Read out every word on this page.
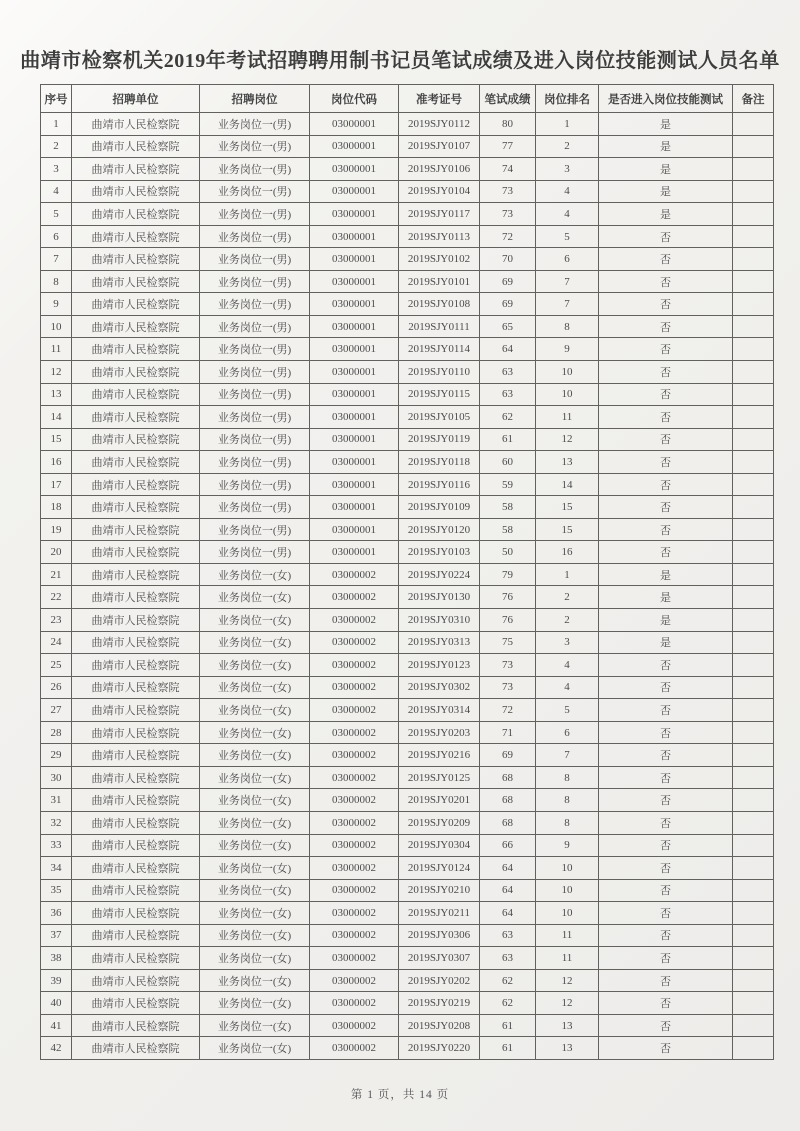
曲靖市检察机关2019年考试招聘聘用制书记员笔试成绩及进入岗位技能测试人员名单
序号	招聘单位	招聘岗位	岗位代码	准考证号	笔试成绩	岗位排名	是否进入岗位技能测试	备注
1	曲靖市人民检察院	业务岗位一(男)	03000001	2019SJY0112	80	1	是	
2	曲靖市人民检察院	业务岗位一(男)	03000001	2019SJY0107	77	2	是	
3	曲靖市人民检察院	业务岗位一(男)	03000001	2019SJY0106	74	3	是	
4	曲靖市人民检察院	业务岗位一(男)	03000001	2019SJY0104	73	4	是	
5	曲靖市人民检察院	业务岗位一(男)	03000001	2019SJY0117	73	4	是	
6	曲靖市人民检察院	业务岗位一(男)	03000001	2019SJY0113	72	5	否	
7	曲靖市人民检察院	业务岗位一(男)	03000001	2019SJY0102	70	6	否	
8	曲靖市人民检察院	业务岗位一(男)	03000001	2019SJY0101	69	7	否	
9	曲靖市人民检察院	业务岗位一(男)	03000001	2019SJY0108	69	7	否	
10	曲靖市人民检察院	业务岗位一(男)	03000001	2019SJY0111	65	8	否	
11	曲靖市人民检察院	业务岗位一(男)	03000001	2019SJY0114	64	9	否	
12	曲靖市人民检察院	业务岗位一(男)	03000001	2019SJY0110	63	10	否	
13	曲靖市人民检察院	业务岗位一(男)	03000001	2019SJY0115	63	10	否	
14	曲靖市人民检察院	业务岗位一(男)	03000001	2019SJY0105	62	11	否	
15	曲靖市人民检察院	业务岗位一(男)	03000001	2019SJY0119	61	12	否	
16	曲靖市人民检察院	业务岗位一(男)	03000001	2019SJY0118	60	13	否	
17	曲靖市人民检察院	业务岗位一(男)	03000001	2019SJY0116	59	14	否	
18	曲靖市人民检察院	业务岗位一(男)	03000001	2019SJY0109	58	15	否	
19	曲靖市人民检察院	业务岗位一(男)	03000001	2019SJY0120	58	15	否	
20	曲靖市人民检察院	业务岗位一(男)	03000001	2019SJY0103	50	16	否	
21	曲靖市人民检察院	业务岗位一(女)	03000002	2019SJY0224	79	1	是	
22	曲靖市人民检察院	业务岗位一(女)	03000002	2019SJY0130	76	2	是	
23	曲靖市人民检察院	业务岗位一(女)	03000002	2019SJY0310	76	2	是	
24	曲靖市人民检察院	业务岗位一(女)	03000002	2019SJY0313	75	3	是	
25	曲靖市人民检察院	业务岗位一(女)	03000002	2019SJY0123	73	4	否	
26	曲靖市人民检察院	业务岗位一(女)	03000002	2019SJY0302	73	4	否	
27	曲靖市人民检察院	业务岗位一(女)	03000002	2019SJY0314	72	5	否	
28	曲靖市人民检察院	业务岗位一(女)	03000002	2019SJY0203	71	6	否	
29	曲靖市人民检察院	业务岗位一(女)	03000002	2019SJY0216	69	7	否	
30	曲靖市人民检察院	业务岗位一(女)	03000002	2019SJY0125	68	8	否	
31	曲靖市人民检察院	业务岗位一(女)	03000002	2019SJY0201	68	8	否	
32	曲靖市人民检察院	业务岗位一(女)	03000002	2019SJY0209	68	8	否	
33	曲靖市人民检察院	业务岗位一(女)	03000002	2019SJY0304	66	9	否	
34	曲靖市人民检察院	业务岗位一(女)	03000002	2019SJY0124	64	10	否	
35	曲靖市人民检察院	业务岗位一(女)	03000002	2019SJY0210	64	10	否	
36	曲靖市人民检察院	业务岗位一(女)	03000002	2019SJY0211	64	10	否	
37	曲靖市人民检察院	业务岗位一(女)	03000002	2019SJY0306	63	11	否	
38	曲靖市人民检察院	业务岗位一(女)	03000002	2019SJY0307	63	11	否	
39	曲靖市人民检察院	业务岗位一(女)	03000002	2019SJY0202	62	12	否	
40	曲靖市人民检察院	业务岗位一(女)	03000002	2019SJY0219	62	12	否	
41	曲靖市人民检察院	业务岗位一(女)	03000002	2019SJY0208	61	13	否	
42	曲靖市人民检察院	业务岗位一(女)	03000002	2019SJY0220	61	13	否	
第 1 页，共 14 页
